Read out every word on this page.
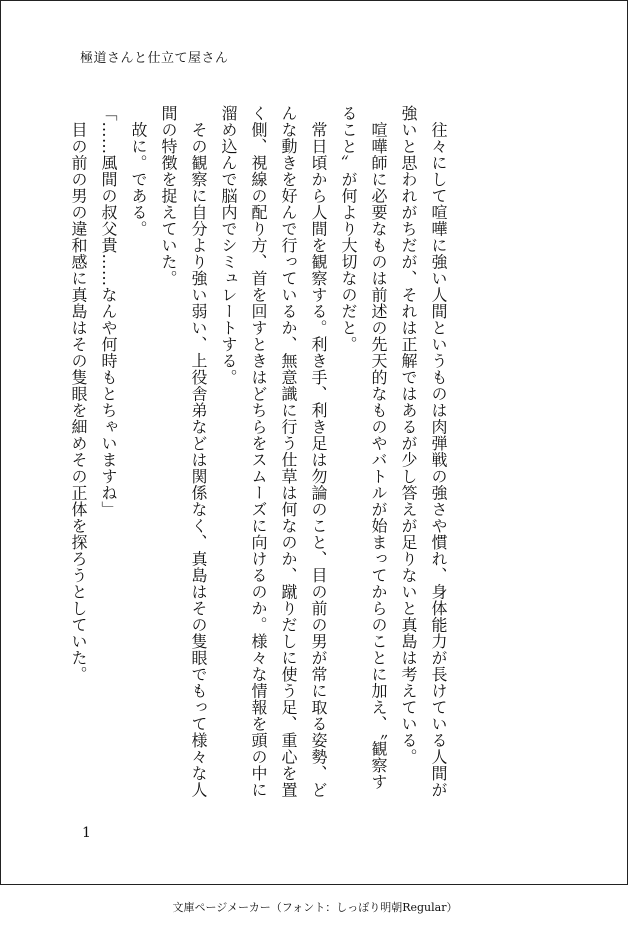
極道さんと仕立て屋さん

　往々にして喧嘩に強い人間というものは肉弾戦の強さや慣れ、身体能力が長けている人間が強いと思われがちだが、それは正解ではあるが少し答えが足りないと真島は考えている。

　喧嘩師に必要なものは前述の先天的なものやバトルが始まってからのことに加え、〝観察すること〟が何より大切なのだと。

　常日頃から人間を観察する。利き手、利き足は勿論のこと、目の前の男が常に取る姿勢、どんな動きを好んで行っているか、無意識に行う仕草は何なのか、蹴りだしに使う足、重心を置く側、視線の配り方、首を回すときはどちらをスムーズに向けるのか。様々な情報を頭の中に溜め込んで脳内でシミュレートする。

　その観察に自分より強い弱い、上役舎弟などは関係なく、真島はその隻眼でもって様々な人間の特徴を捉えていた。

　故に。である。

「……風間の叔父貴……なんや何時もとちゃいますね」

　目の前の男の違和感に真島はその隻眼を細めその正体を探ろうとしていた。

1
文庫ページメーカー（フォント：しっぽり明朝Regular）
